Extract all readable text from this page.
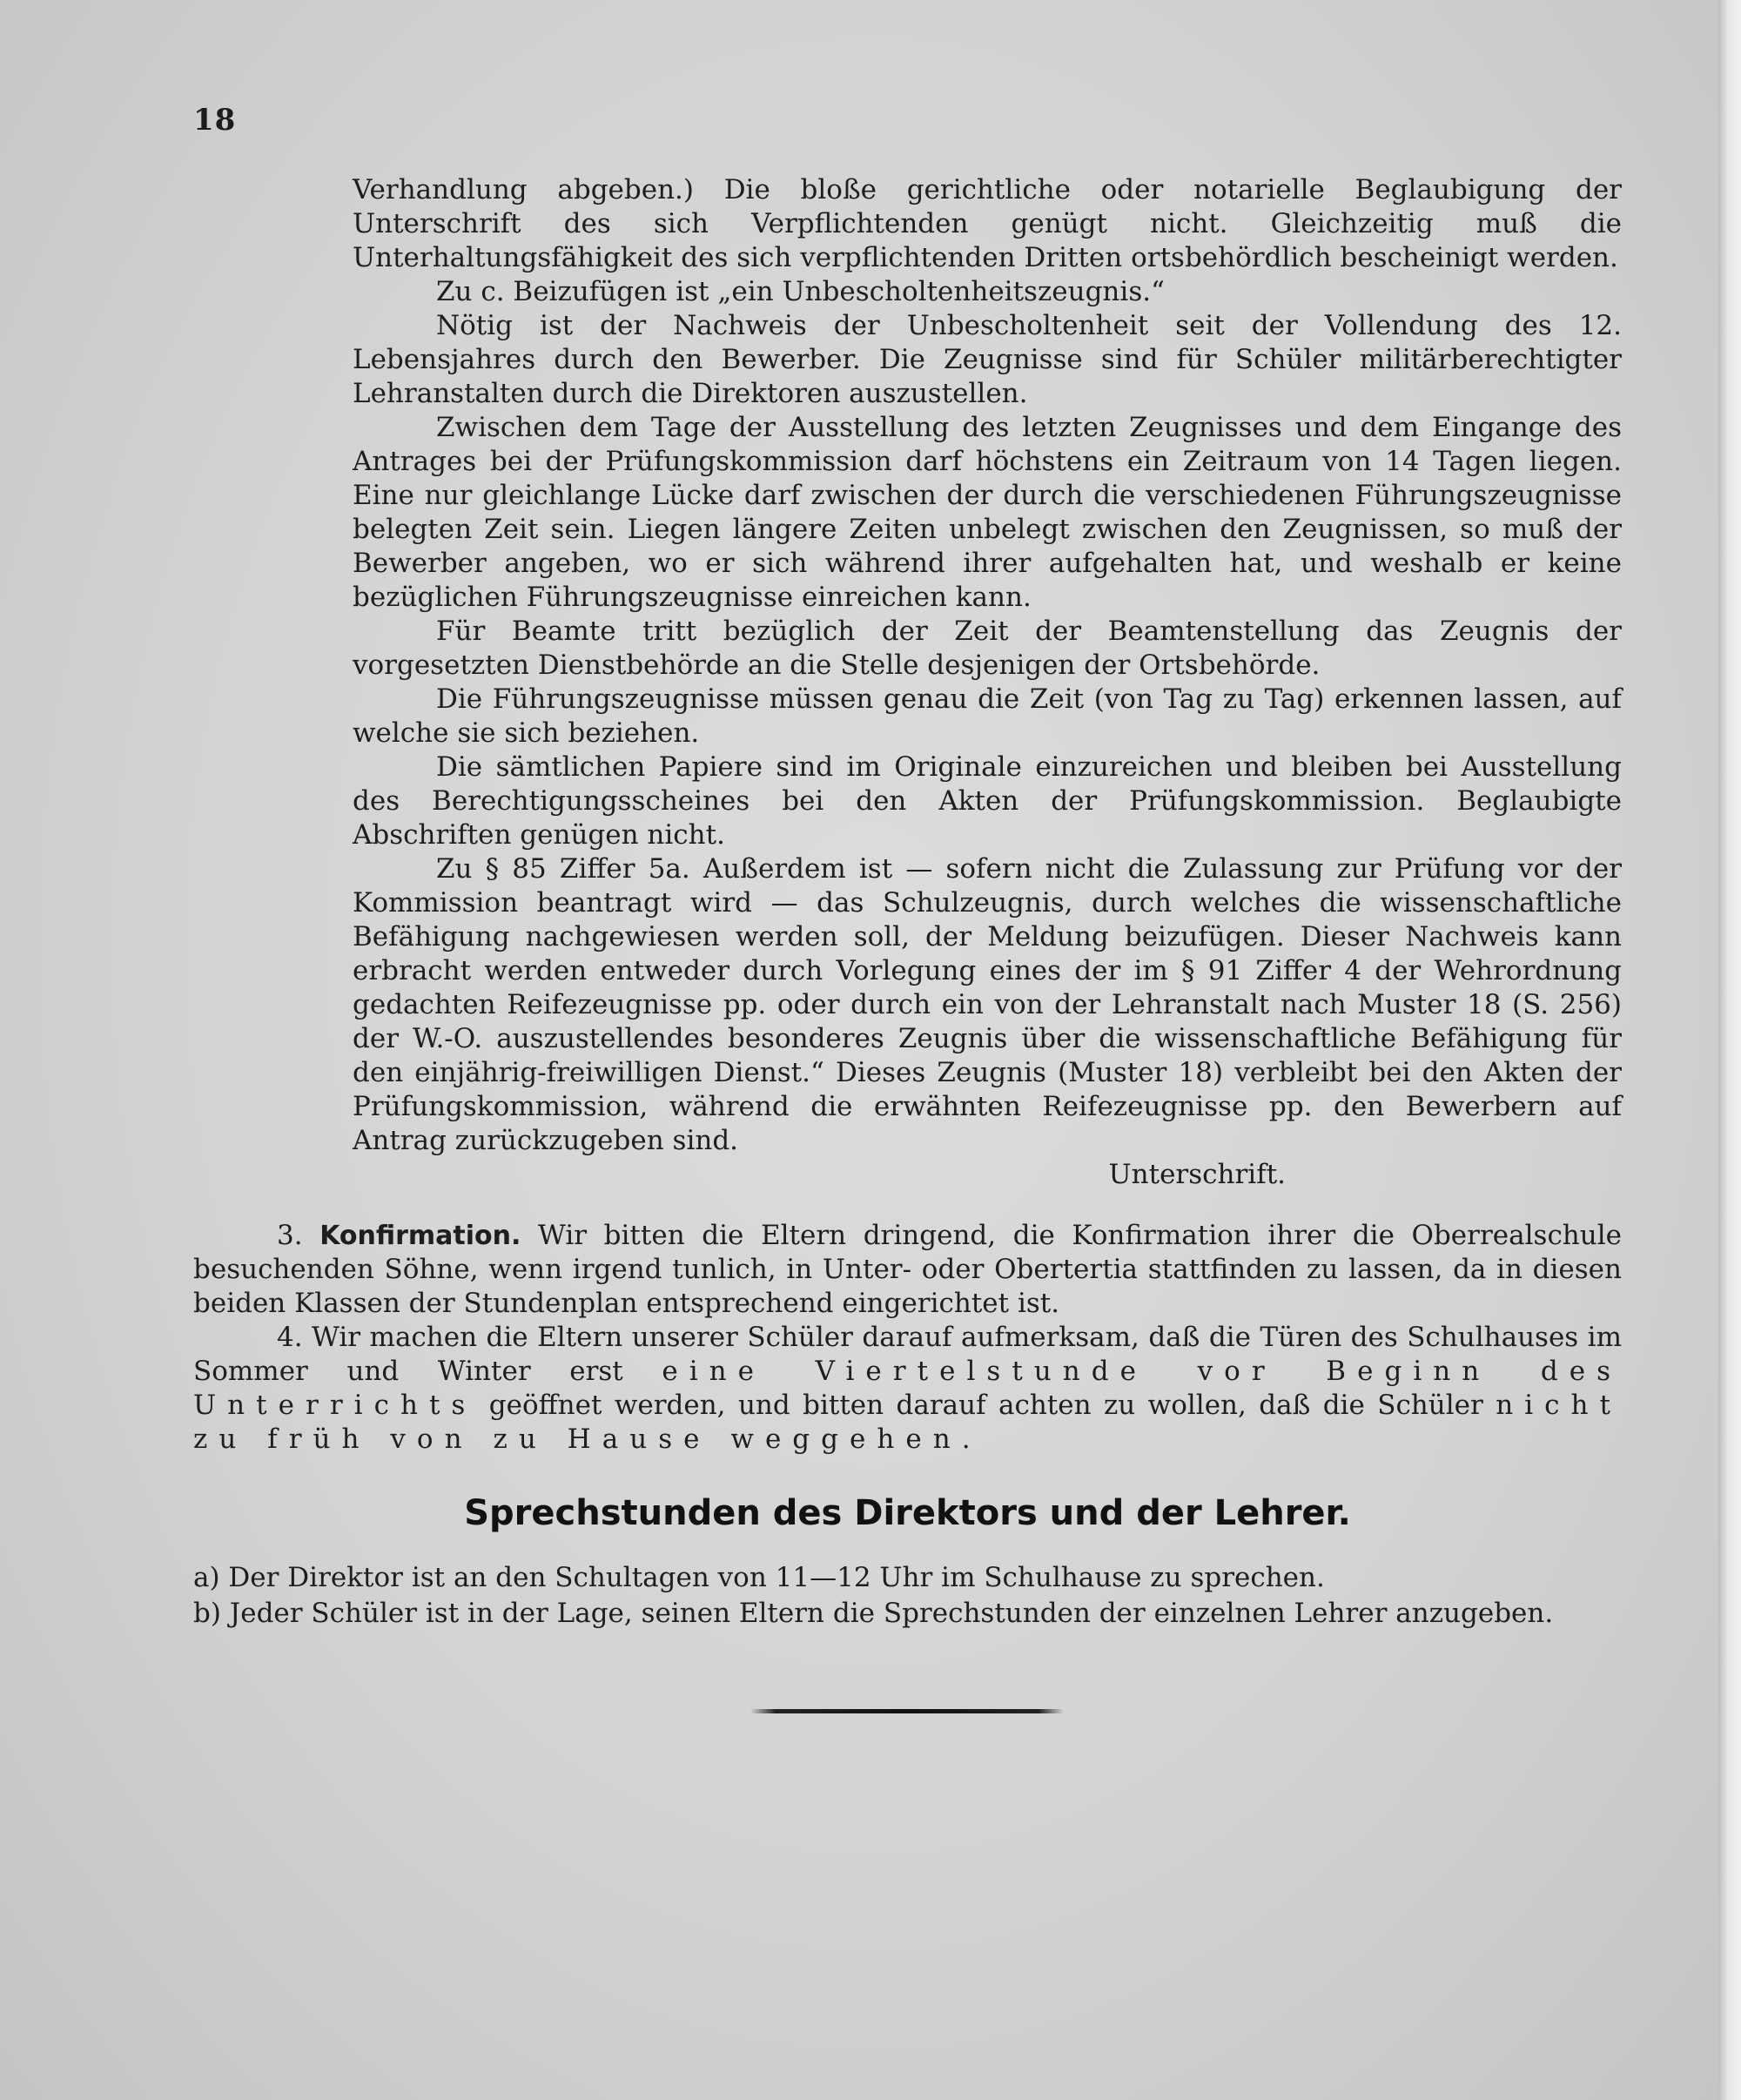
18

Verhandlung abgeben.) Die bloße gerichtliche oder notarielle Beglaubigung der Unterschrift des sich Verpflichtenden genügt nicht. Gleichzeitig muß die Unterhaltungsfähigkeit des sich verpflichtenden Dritten ortsbehördlich bescheinigt werden.

Zu c. Beizufügen ist „ein Unbescholtenheitszeugnis.“

Nötig ist der Nachweis der Unbescholtenheit seit der Vollendung des 12. Lebensjahres durch den Bewerber. Die Zeugnisse sind für Schüler militärberechtigter Lehranstalten durch die Direktoren auszustellen.

Zwischen dem Tage der Ausstellung des letzten Zeugnisses und dem Eingange des Antrages bei der Prüfungskommission darf höchstens ein Zeitraum von 14 Tagen liegen. Eine nur gleichlange Lücke darf zwischen der durch die verschiedenen Führungszeugnisse belegten Zeit sein. Liegen längere Zeiten unbelegt zwischen den Zeugnissen, so muß der Bewerber angeben, wo er sich während ihrer aufgehalten hat, und weshalb er keine bezüglichen Führungszeugnisse einreichen kann.

Für Beamte tritt bezüglich der Zeit der Beamtenstellung das Zeugnis der vorgesetzten Dienstbehörde an die Stelle desjenigen der Ortsbehörde.

Die Führungszeugnisse müssen genau die Zeit (von Tag zu Tag) erkennen lassen, auf welche sie sich beziehen.

Die sämtlichen Papiere sind im Originale einzureichen und bleiben bei Ausstellung des Berechtigungsscheines bei den Akten der Prüfungskommission. Beglaubigte Abschriften genügen nicht.

Zu § 85 Ziffer 5a. Außerdem ist — sofern nicht die Zulassung zur Prüfung vor der Kommission beantragt wird — das Schulzeugnis, durch welches die wissenschaftliche Befähigung nachgewiesen werden soll, der Meldung beizufügen. Dieser Nachweis kann erbracht werden entweder durch Vorlegung eines der im § 91 Ziffer 4 der Wehrordnung gedachten Reifezeugnisse pp. oder durch ein von der Lehranstalt nach Muster 18 (S. 256) der W.-O. auszustellendes besonderes Zeugnis über die wissenschaftliche Befähigung für den einjährig-freiwilligen Dienst.“ Dieses Zeugnis (Muster 18) verbleibt bei den Akten der Prüfungskommission, während die erwähnten Reifezeugnisse pp. den Bewerbern auf Antrag zurückzugeben sind.

Unterschrift.

3. Konfirmation. Wir bitten die Eltern dringend, die Konfirmation ihrer die Oberrealschule besuchenden Söhne, wenn irgend tunlich, in Unter- oder Obertertia stattfinden zu lassen, da in diesen beiden Klassen der Stundenplan entsprechend eingerichtet ist.

4. Wir machen die Eltern unserer Schüler darauf aufmerksam, daß die Türen des Schulhauses im Sommer und Winter erst eine Viertelstunde vor Beginn des Unterrichts geöffnet werden, und bitten darauf achten zu wollen, daß die Schüler nicht zu früh von zu Hause weggehen.

Sprechstunden des Direktors und der Lehrer.

a) Der Direktor ist an den Schultagen von 11—12 Uhr im Schulhause zu sprechen.

b) Jeder Schüler ist in der Lage, seinen Eltern die Sprechstunden der einzelnen Lehrer anzugeben.
